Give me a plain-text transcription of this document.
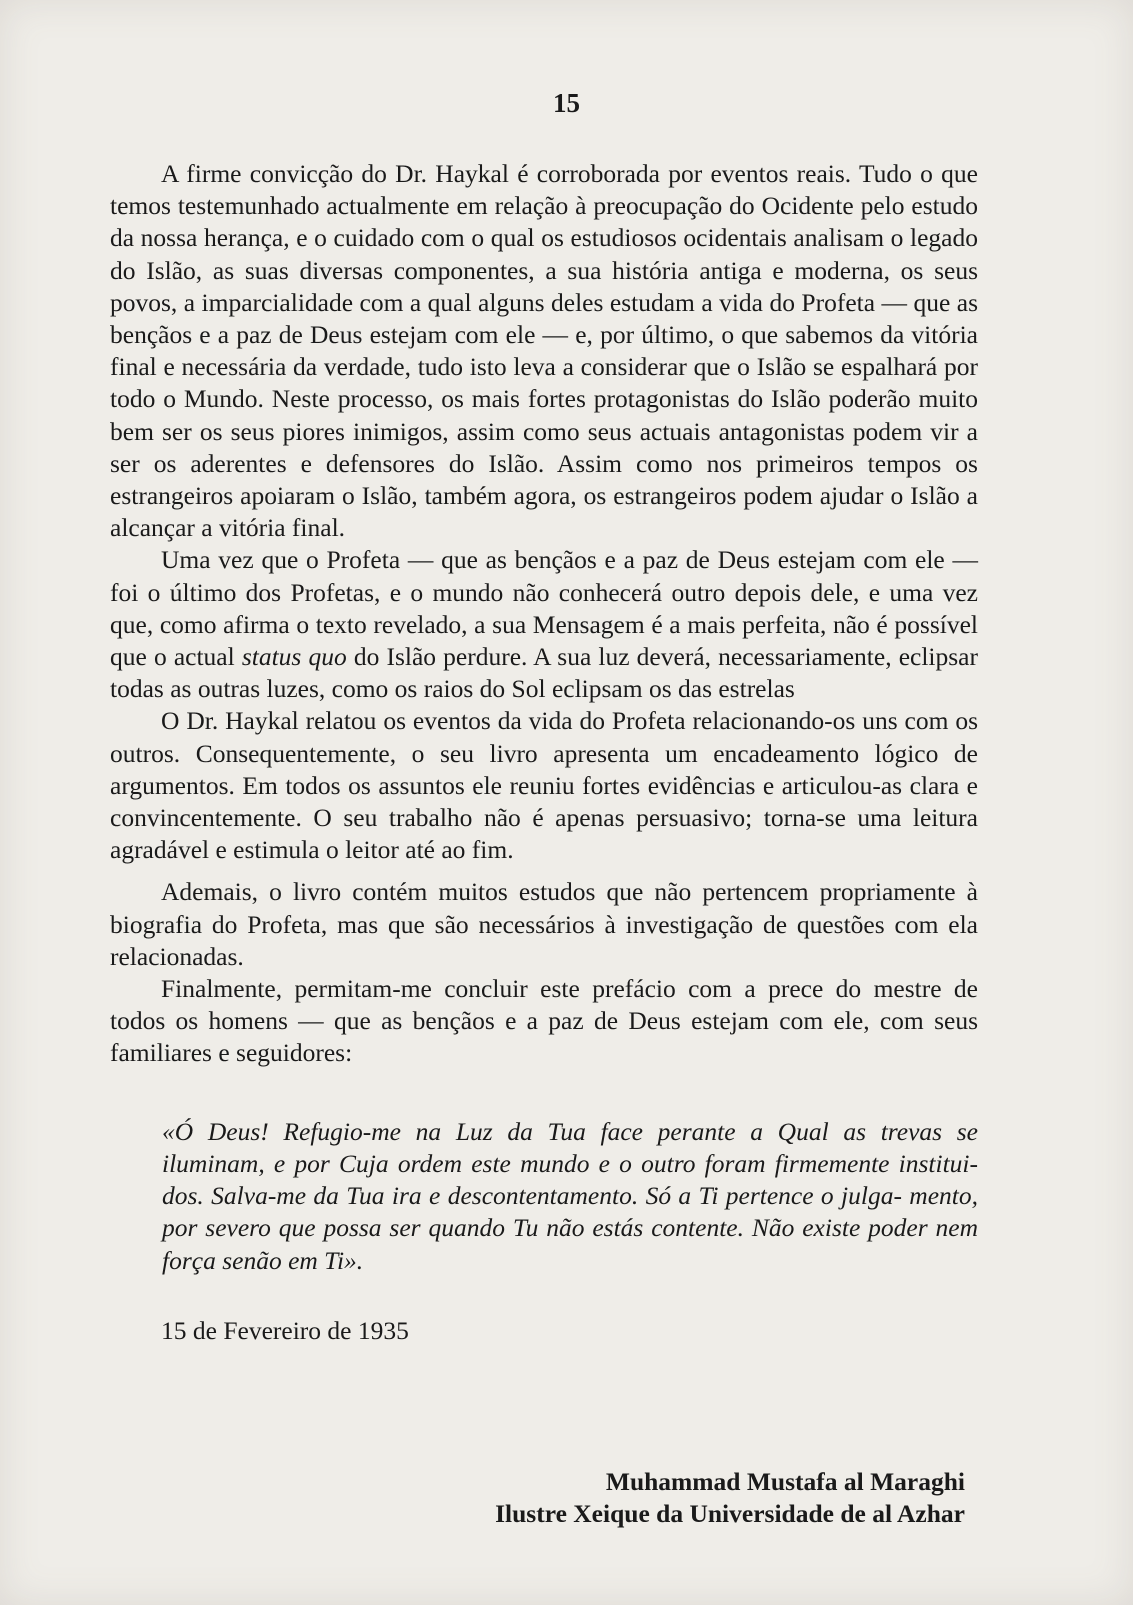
15

A firme convicção do Dr. Haykal é corroborada por eventos reais. Tudo o que temos testemunhado actualmente em relação à preocupação do Ocidente pelo estudo da nossa herança, e o cuidado com o qual os estudiosos ocidentais analisam o legado do Islão, as suas diversas componentes, a sua história antiga e moderna, os seus povos, a imparcialidade com a qual alguns deles estudam a vida do Profeta — que as bençãos e a paz de Deus estejam com ele — e, por último, o que sabemos da vitória final e necessária da verdade, tudo isto leva a considerar que o Islão se espalhará por todo o Mundo. Neste processo, os mais fortes protagonistas do Islão poderão muito bem ser os seus piores inimigos, assim como seus actuais antagonistas podem vir a ser os aderentes e defensores do Islão. Assim como nos primeiros tempos os estrangeiros apoiaram o Islão, também agora, os estrangeiros podem ajudar o Islão a alcançar a vitória final.

Uma vez que o Profeta — que as bençãos e a paz de Deus estejam com ele — foi o último dos Profetas, e o mundo não conhecerá outro depois dele, e uma vez que, como afirma o texto revelado, a sua Mensagem é a mais perfeita, não é possível que o actual status quo do Islão perdure. A sua luz deverá, necessariamente, eclipsar todas as outras luzes, como os raios do Sol eclipsam os das estrelas

O Dr. Haykal relatou os eventos da vida do Profeta relacionando-os uns com os outros. Consequentemente, o seu livro apresenta um encadeamento lógico de argumentos. Em todos os assuntos ele reuniu fortes evidências e articulou-as clara e convincentemente. O seu trabalho não é apenas persuasivo; torna-se uma leitura agradável e estimula o leitor até ao fim.

Ademais, o livro contém muitos estudos que não pertencem propriamente à biografia do Profeta, mas que são necessários à investigação de questões com ela relacionadas.

Finalmente, permitam-me concluir este prefácio com a prece do mestre de todos os homens — que as bençãos e a paz de Deus estejam com ele, com seus familiares e seguidores:

«Ó Deus! Refugio-me na Luz da Tua face perante a Qual as trevas se iluminam, e por Cuja ordem este mundo e o outro foram firmemente institui- dos. Salva-me da Tua ira e descontentamento. Só a Ti pertence o julga- mento, por severo que possa ser quando Tu não estás contente. Não existe poder nem força senão em Ti».

15 de Fevereiro de 1935

Muhammad Mustafa al Maraghi
Ilustre Xeique da Universidade de al Azhar
